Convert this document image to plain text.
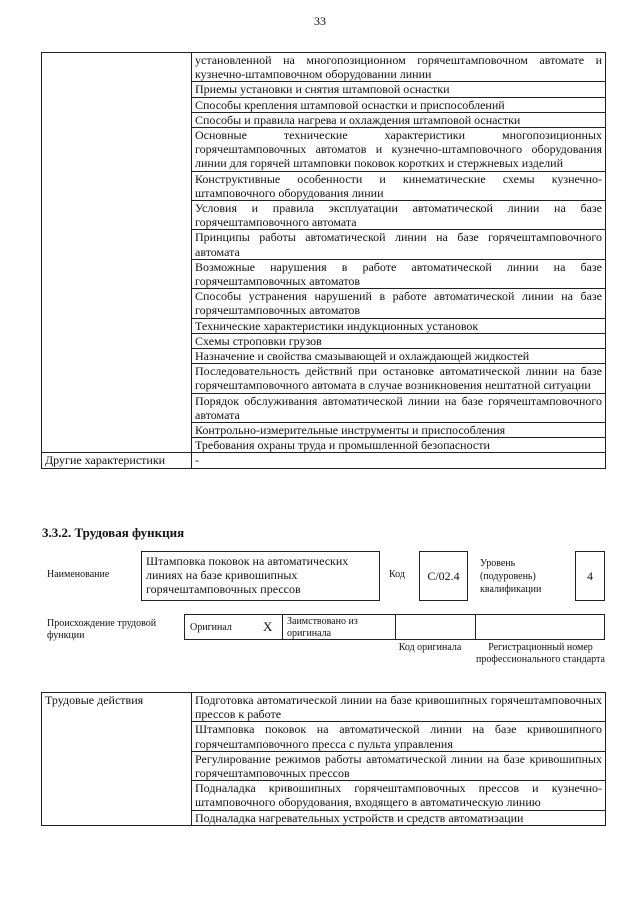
33
	установленной на многопозиционном горячештамповочном автомате и кузнечно-штамповочном оборудовании линии
	Приемы установки и снятия штамповой оснастки
	Способы крепления штамповой оснастки и приспособлений
	Способы и правила нагрева и охлаждения штамповой оснастки
	Основные технические характеристики многопозиционных горячештамповочных автоматов и кузнечно-штамповочного оборудования линии для горячей штамповки поковок коротких и стержневых изделий
	Конструктивные особенности и кинематические схемы кузнечно-штамповочного оборудования линии
	Условия и правила эксплуатации автоматической линии на базе горячештамповочного автомата
	Принципы работы автоматической линии на базе горячештамповочного автомата
	Возможные нарушения в работе автоматической линии на базе горячештамповочных автоматов
	Способы устранения нарушений в работе автоматической линии на базе горячештамповочных автоматов
	Технические характеристики индукционных установок
	Схемы строповки грузов
	Назначение и свойства смазывающей и охлаждающей жидкостей
	Последовательность действий при остановке автоматической линии на базе горячештамповочного автомата в случае возникновения нештатной ситуации
	Порядок обслуживания автоматической линии на базе горячештамповочного автомата
	Контрольно-измерительные инструменты и приспособления
	Требования охраны труда и промышленной безопасности
Другие характеристики	-
3.3.2. Трудовая функция
Наименование
Штамповка поковок на автоматических линиях на базе кривошипных горячештамповочных прессов
Код	С/02.4
Уровень (подуровень) квалификации
4
Происхождение трудовой функции
Оригинал X	Заимствовано из оригинала
Код оригинала	Регистрационный номер профессионального стандарта
Трудовые действия	Подготовка автоматической линии на базе кривошипных горячештамповочных прессов к работе
Штамповка поковок на автоматической линии на базе кривошипного горячештамповочного пресса с пульта управления
Регулирование режимов работы автоматической линии на базе кривошипных горячештамповочных прессов
Подналадка кривошипных горячештамповочных прессов и кузнечно-штамповочного оборудования, входящего в автоматическую линию
Подналадка нагревательных устройств и средств автоматизации
